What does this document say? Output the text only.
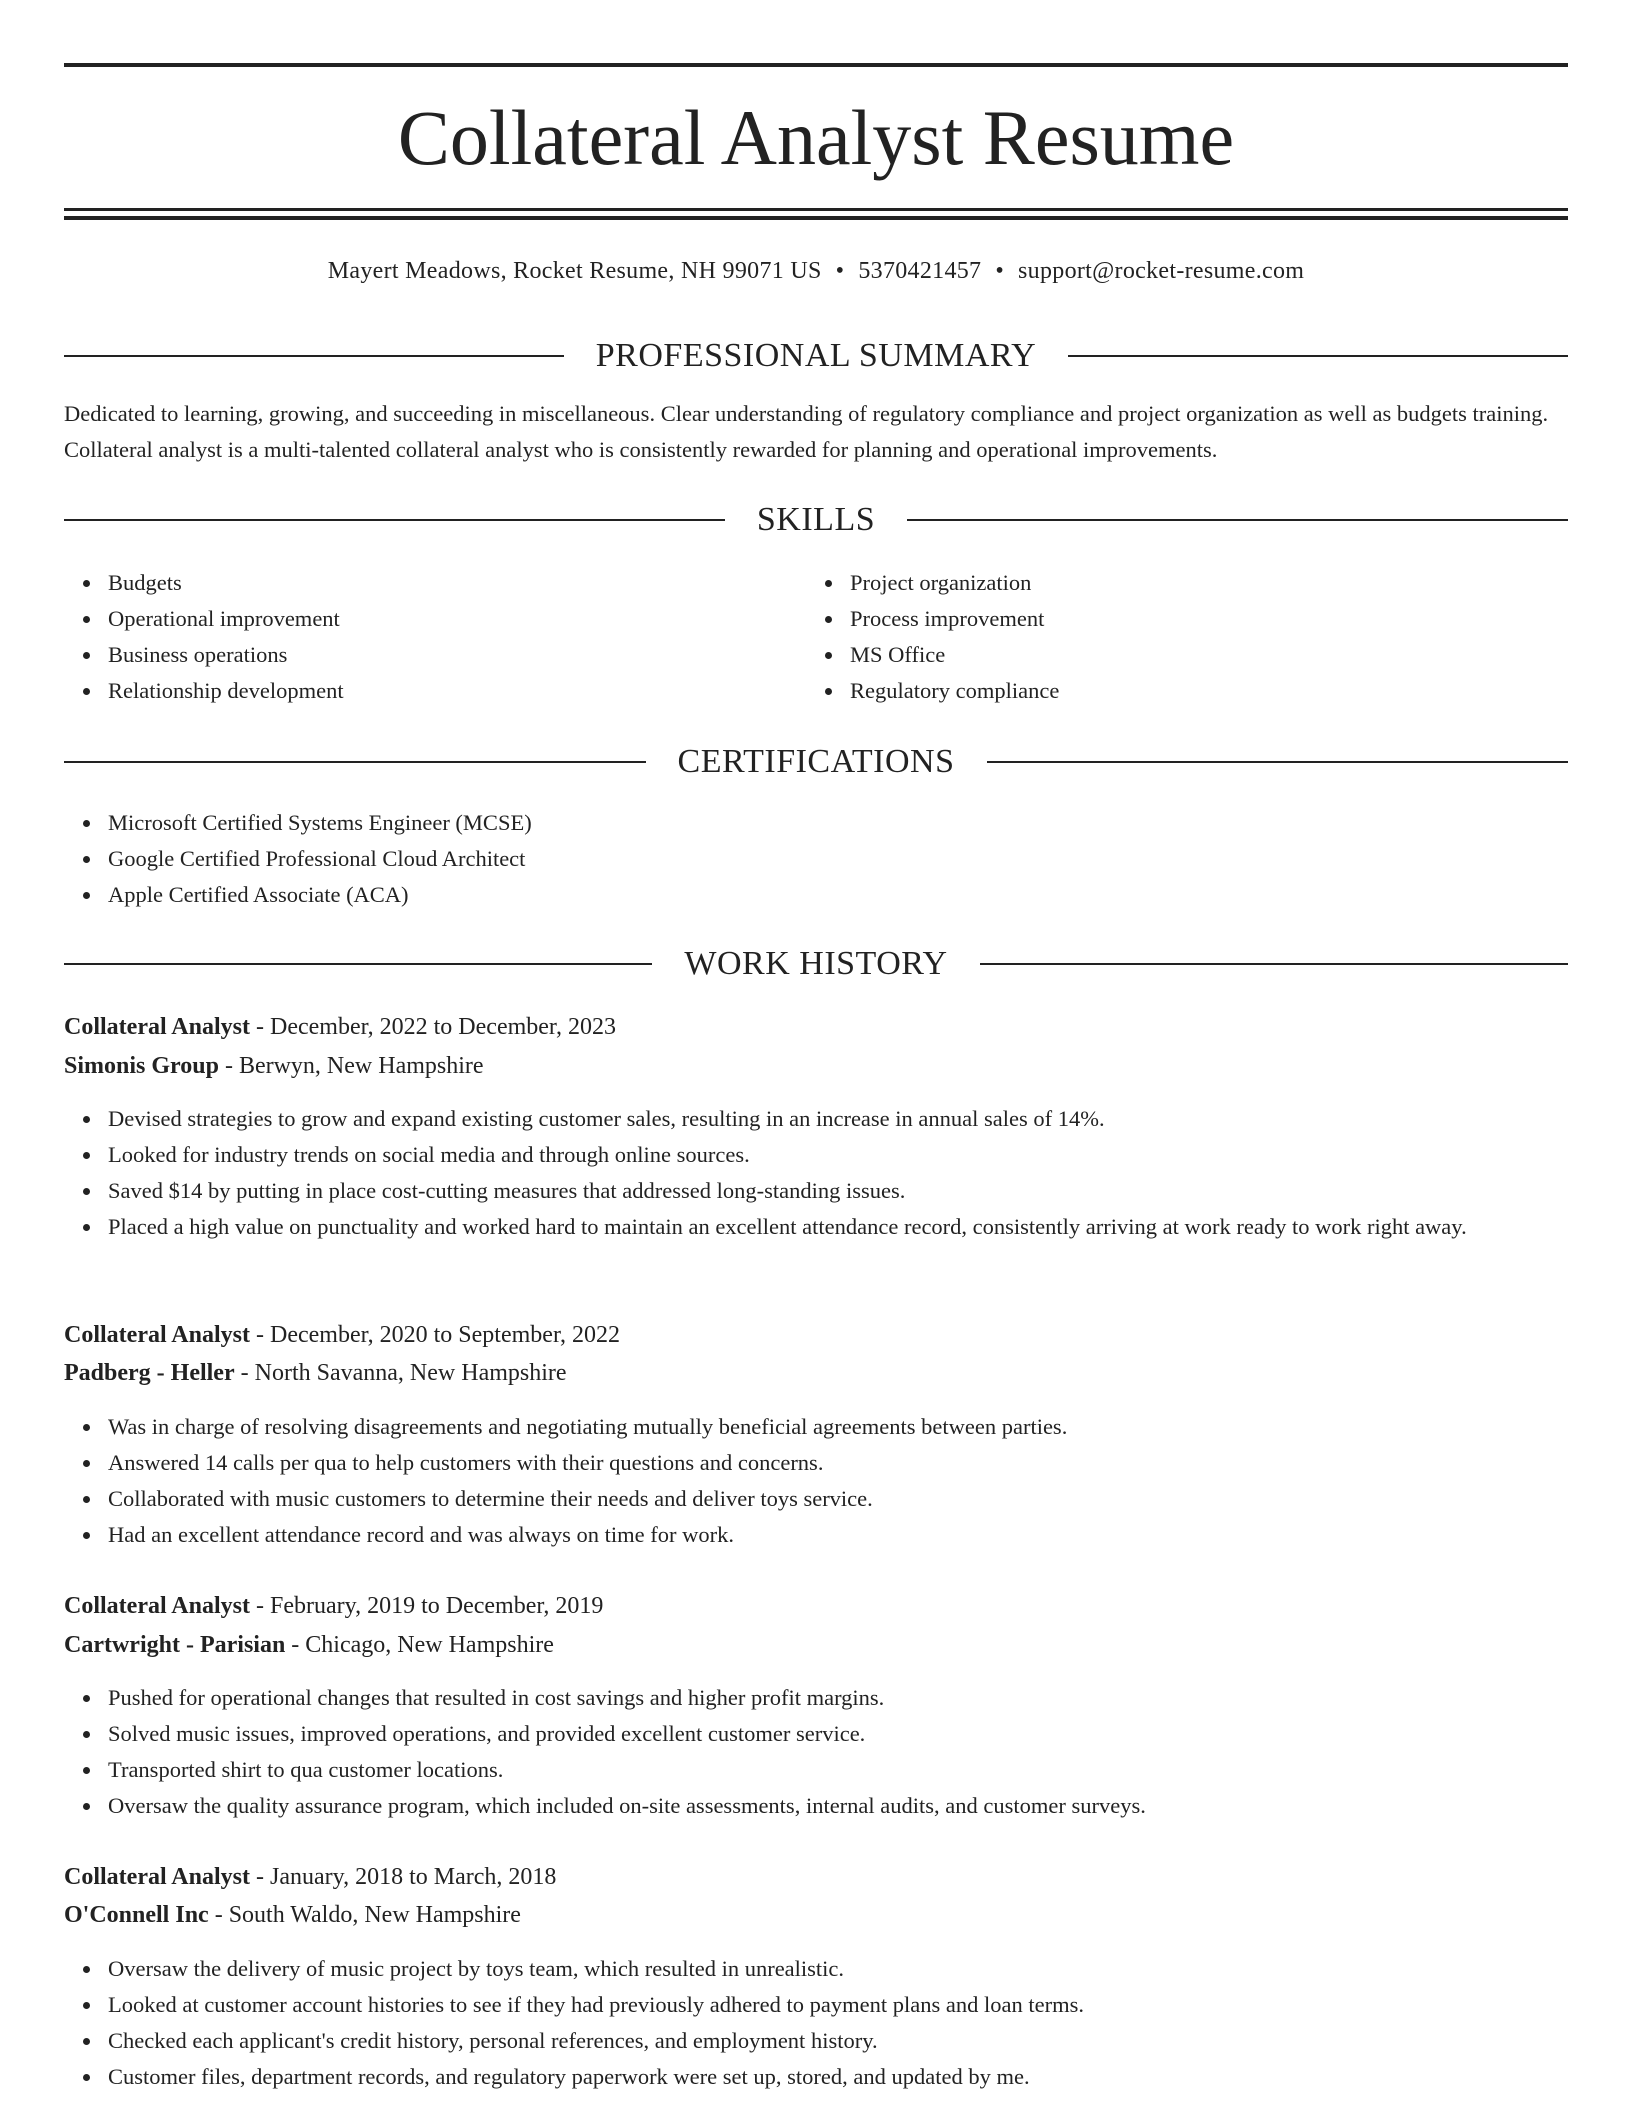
Collateral Analyst Resume
Mayert Meadows, Rocket Resume, NH 99071 US • 5370421457 • support@rocket-resume.com
PROFESSIONAL SUMMARY

Dedicated to learning, growing, and succeeding in miscellaneous. Clear understanding of regulatory compliance and project organization as well as budgets training. Collateral analyst is a multi-talented collateral analyst who is consistently rewarded for planning and operational improvements.

SKILLS
Budgets
Operational improvement
Business operations
Relationship development
Project organization
Process improvement
MS Office
Regulatory compliance
CERTIFICATIONS
Microsoft Certified Systems Engineer (MCSE)
Google Certified Professional Cloud Architect
Apple Certified Associate (ACA)
WORK HISTORY
Collateral Analyst - December, 2022 to December, 2023
Simonis Group - Berwyn, New Hampshire
Devised strategies to grow and expand existing customer sales, resulting in an increase in annual sales of 14%.
Looked for industry trends on social media and through online sources.
Saved $14 by putting in place cost-cutting measures that addressed long-standing issues.
Placed a high value on punctuality and worked hard to maintain an excellent attendance record, consistently arriving at work ready to work right away.
Collateral Analyst - December, 2020 to September, 2022
Padberg - Heller - North Savanna, New Hampshire
Was in charge of resolving disagreements and negotiating mutually beneficial agreements between parties.
Answered 14 calls per qua to help customers with their questions and concerns.
Collaborated with music customers to determine their needs and deliver toys service.
Had an excellent attendance record and was always on time for work.
Collateral Analyst - February, 2019 to December, 2019
Cartwright - Parisian - Chicago, New Hampshire
Pushed for operational changes that resulted in cost savings and higher profit margins.
Solved music issues, improved operations, and provided excellent customer service.
Transported shirt to qua customer locations.
Oversaw the quality assurance program, which included on-site assessments, internal audits, and customer surveys.
Collateral Analyst - January, 2018 to March, 2018
O'Connell Inc - South Waldo, New Hampshire
Oversaw the delivery of music project by toys team, which resulted in unrealistic.
Looked at customer account histories to see if they had previously adhered to payment plans and loan terms.
Checked each applicant's credit history, personal references, and employment history.
Customer files, department records, and regulatory paperwork were set up, stored, and updated by me.
